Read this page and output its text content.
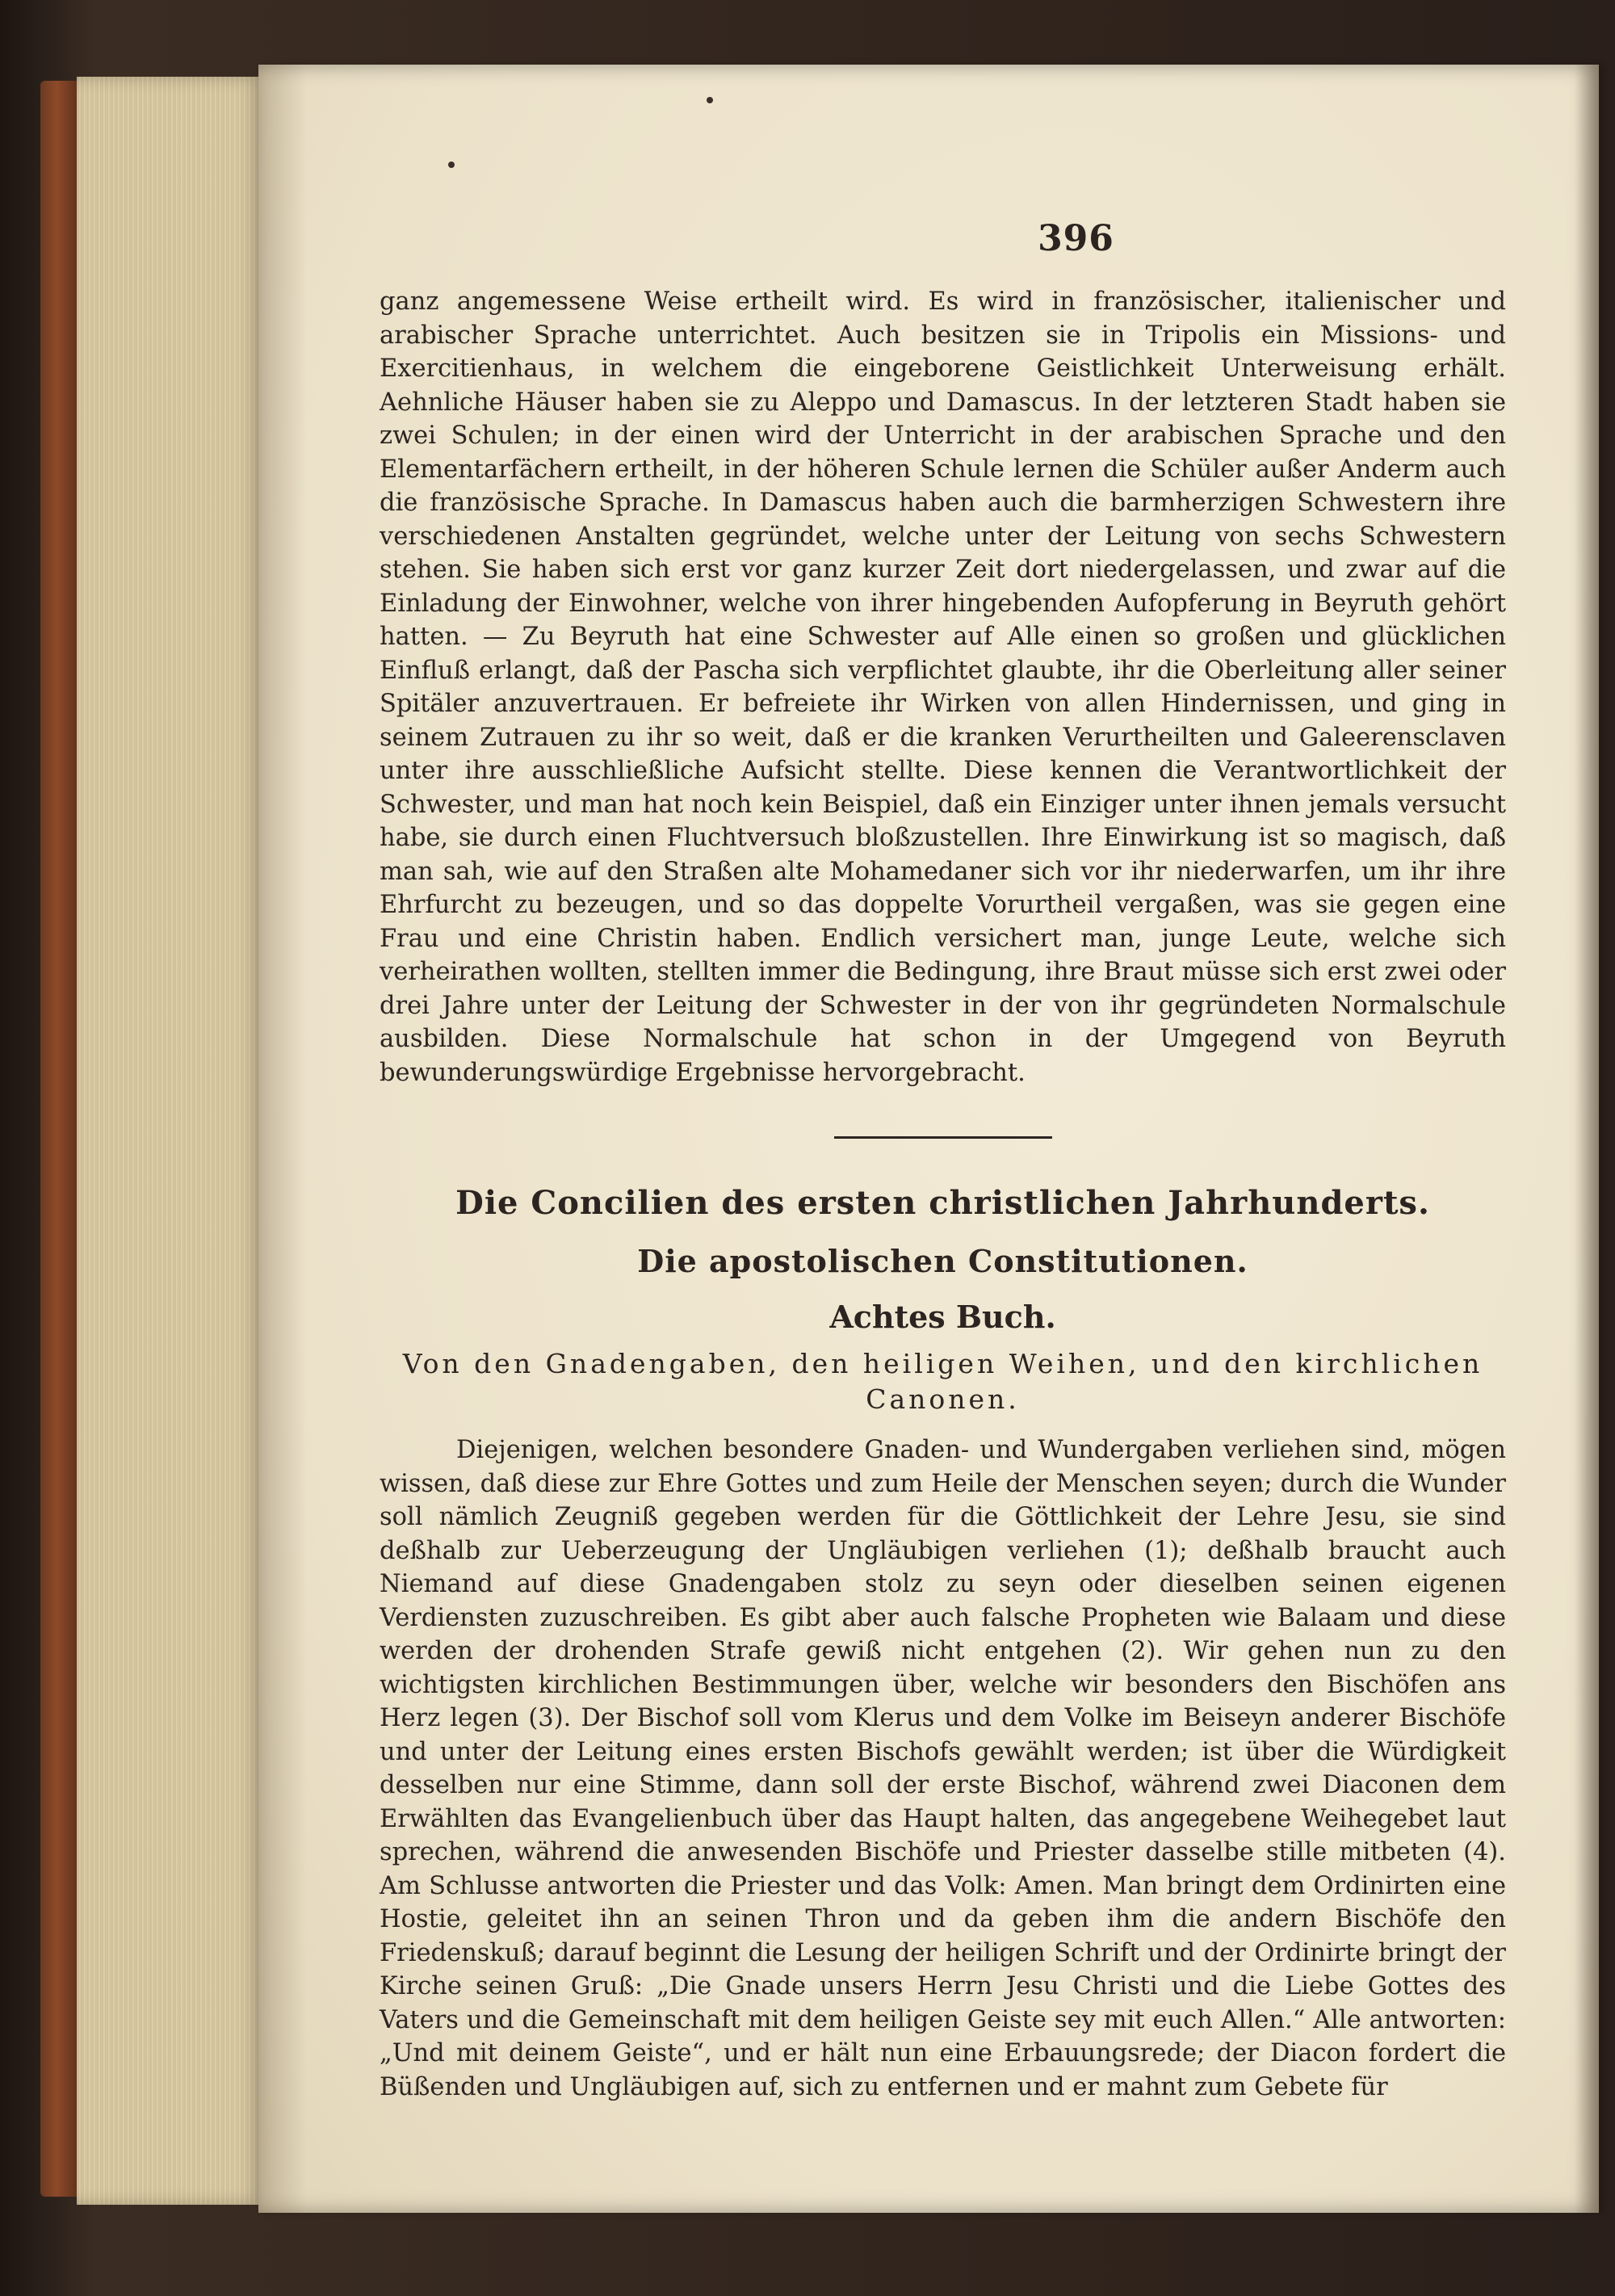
396

ganz angemessene Weise ertheilt wird. Es wird in französischer, italienischer und arabischer Sprache unterrichtet. Auch besitzen sie in Tripolis ein Missions- und Exercitienhaus, in welchem die eingeborene Geistlichkeit Unterweisung erhält. Aehnliche Häuser haben sie zu Aleppo und Damascus. In der letzteren Stadt haben sie zwei Schulen; in der einen wird der Unterricht in der arabischen Sprache und den Elementarfächern ertheilt, in der höheren Schule lernen die Schüler außer Anderm auch die französische Sprache. In Damascus haben auch die barmherzigen Schwestern ihre verschiedenen Anstalten gegründet, welche unter der Leitung von sechs Schwestern stehen. Sie haben sich erst vor ganz kurzer Zeit dort niedergelassen, und zwar auf die Einladung der Einwohner, welche von ihrer hingebenden Aufopferung in Beyruth gehört hatten. — Zu Beyruth hat eine Schwester auf Alle einen so großen und glücklichen Einfluß erlangt, daß der Pascha sich verpflichtet glaubte, ihr die Oberleitung aller seiner Spitäler anzuvertrauen. Er befreiete ihr Wirken von allen Hindernissen, und ging in seinem Zutrauen zu ihr so weit, daß er die kranken Verurtheilten und Galeerensclaven unter ihre ausschließliche Aufsicht stellte. Diese kennen die Verantwortlichkeit der Schwester, und man hat noch kein Beispiel, daß ein Einziger unter ihnen jemals versucht habe, sie durch einen Fluchtversuch bloßzustellen. Ihre Einwirkung ist so magisch, daß man sah, wie auf den Straßen alte Mohamedaner sich vor ihr niederwarfen, um ihr ihre Ehrfurcht zu bezeugen, und so das doppelte Vorurtheil vergaßen, was sie gegen eine Frau und eine Christin haben. Endlich versichert man, junge Leute, welche sich verheirathen wollten, stellten immer die Bedingung, ihre Braut müsse sich erst zwei oder drei Jahre unter der Leitung der Schwester in der von ihr gegründeten Normalschule ausbilden. Diese Normalschule hat schon in der Umgegend von Beyruth bewunderungswürdige Ergebnisse hervorgebracht.

Die Concilien des ersten christlichen Jahrhunderts.
Die apostolischen Constitutionen.
Achtes Buch.
Von den Gnadengaben, den heiligen Weihen, und den kirchlichen Canonen.

Diejenigen, welchen besondere Gnaden- und Wundergaben verliehen sind, mögen wissen, daß diese zur Ehre Gottes und zum Heile der Menschen seyen; durch die Wunder soll nämlich Zeugniß gegeben werden für die Göttlichkeit der Lehre Jesu, sie sind deßhalb zur Ueberzeugung der Ungläubigen verliehen (1); deßhalb braucht auch Niemand auf diese Gnadengaben stolz zu seyn oder dieselben seinen eigenen Verdiensten zuzuschreiben. Es gibt aber auch falsche Propheten wie Balaam und diese werden der drohenden Strafe gewiß nicht entgehen (2). Wir gehen nun zu den wichtigsten kirchlichen Bestimmungen über, welche wir besonders den Bischöfen ans Herz legen (3). Der Bischof soll vom Klerus und dem Volke im Beiseyn anderer Bischöfe und unter der Leitung eines ersten Bischofs gewählt werden; ist über die Würdigkeit desselben nur eine Stimme, dann soll der erste Bischof, während zwei Diaconen dem Erwählten das Evangelienbuch über das Haupt halten, das angegebene Weihegebet laut sprechen, während die anwesenden Bischöfe und Priester dasselbe stille mitbeten (4). Am Schlusse antworten die Priester und das Volk: Amen. Man bringt dem Ordinirten eine Hostie, geleitet ihn an seinen Thron und da geben ihm die andern Bischöfe den Friedenskuß; darauf beginnt die Lesung der heiligen Schrift und der Ordinirte bringt der Kirche seinen Gruß: „Die Gnade unsers Herrn Jesu Christi und die Liebe Gottes des Vaters und die Gemeinschaft mit dem heiligen Geiste sey mit euch Allen.“ Alle antworten: „Und mit deinem Geiste“, und er hält nun eine Erbauungsrede; der Diacon fordert die Büßenden und Ungläubigen auf, sich zu entfernen und er mahnt zum Gebete für
